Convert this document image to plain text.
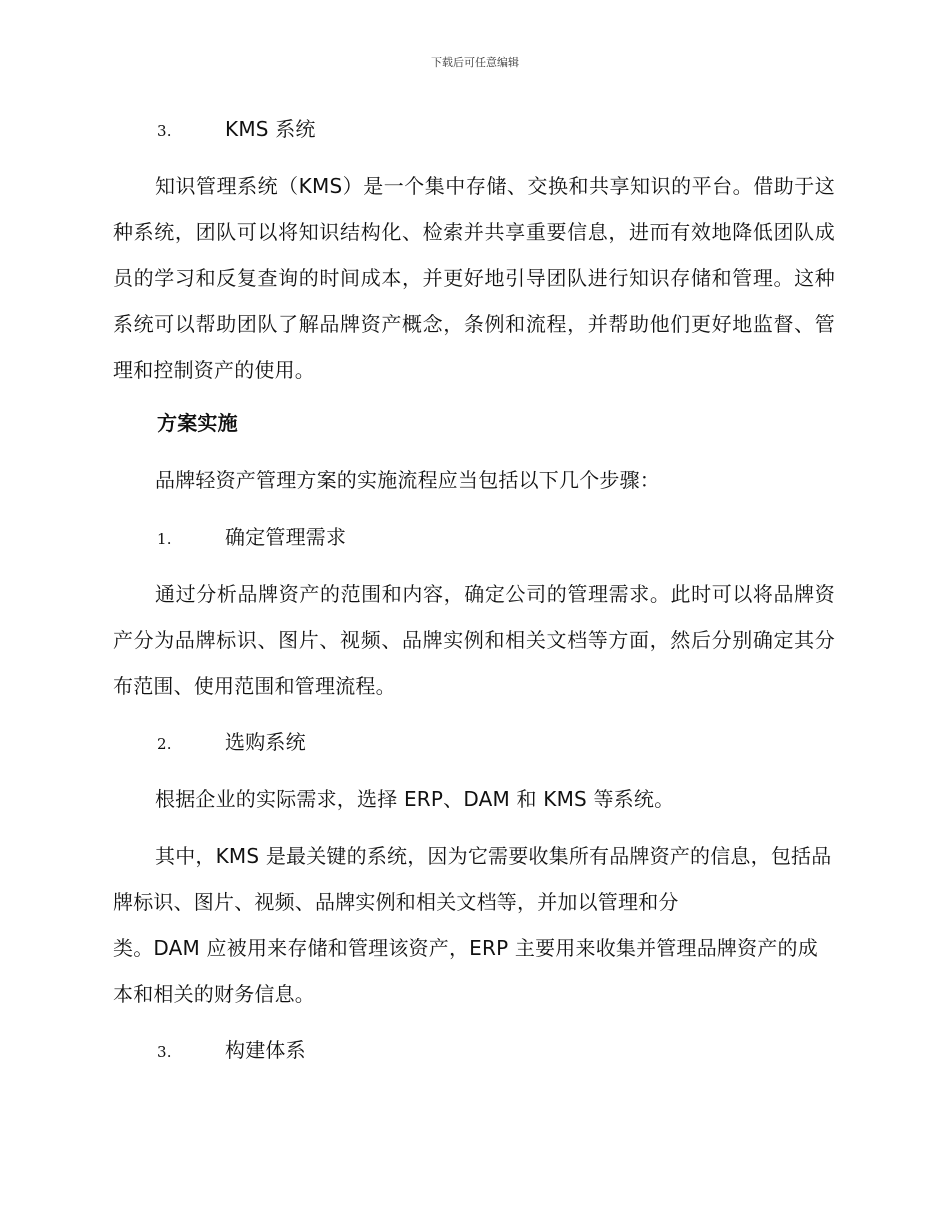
下载后可任意编辑

3.	KMS 系统

知识管理系统（KMS）是一个集中存储、交换和共享知识的平台。借助于这种系统，团队可以将知识结构化、检索并共享重要信息，进而有效地降低团队成员的学习和反复查询的时间成本，并更好地引导团队进行知识存储和管理。这种系统可以帮助团队了解品牌资产概念，条例和流程，并帮助他们更好地监督、管理和控制资产的使用。

方案实施

品牌轻资产管理方案的实施流程应当包括以下几个步骤：

1.	确定管理需求

通过分析品牌资产的范围和内容，确定公司的管理需求。此时可以将品牌资产分为品牌标识、图片、视频、品牌实例和相关文档等方面，然后分别确定其分布范围、使用范围和管理流程。

2.	选购系统

根据企业的实际需求，选择 ERP、DAM 和 KMS 等系统。

其中，KMS 是最关键的系统，因为它需要收集所有品牌资产的信息，包括品牌标识、图片、视频、品牌实例和相关文档等，并加以管理和分

类。DAM 应被用来存储和管理该资产，ERP 主要用来收集并管理品牌资产的成本和相关的财务信息。

3.	构建体系
